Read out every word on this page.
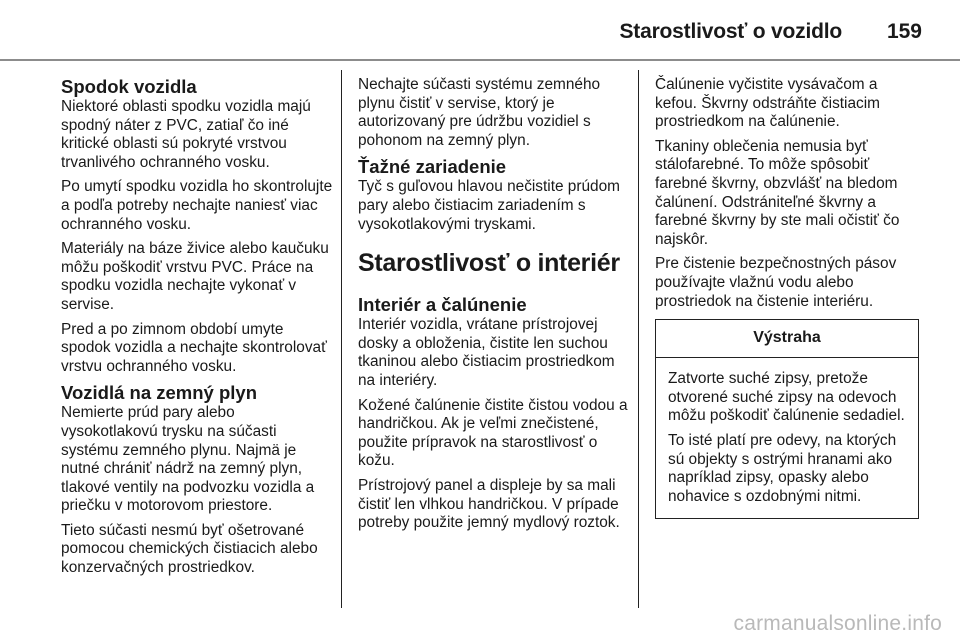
Starostlivosť o vozidlo 159
Spodok vozidla

Niektoré oblasti spodku vozidla majú spodný náter z PVC, zatiaľ čo iné kritické oblasti sú pokryté vrstvou trvanlivého ochranného vosku.

Po umytí spodku vozidla ho skontrolujte a podľa potreby nechajte naniesť viac ochranného vosku.

Materiály na báze živice alebo kaučuku môžu poškodiť vrstvu PVC. Práce na spodku vozidla nechajte vykonať v servise.

Pred a po zimnom období umyte spodok vozidla a nechajte skontrolovať vrstvu ochranného vosku.

Vozidlá na zemný plyn

Nemierte prúd pary alebo vysokotlakovú trysku na súčasti systému zemného plynu. Najmä je nutné chrániť nádrž na zemný plyn, tlakové ventily na podvozku vozidla a priečku v motorovom priestore.

Tieto súčasti nesmú byť ošetrované pomocou chemických čistiacich alebo konzervačných prostriedkov.

Nechajte súčasti systému zemného plynu čistiť v servise, ktorý je autorizovaný pre údržbu vozidiel s pohonom na zemný plyn.

Ťažné zariadenie

Tyč s guľovou hlavou nečistite prúdom pary alebo čistiacim zariadením s vysokotlakovými tryskami.

Starostlivosť o interiér
Interiér a čalúnenie

Interiér vozidla, vrátane prístrojovej dosky a obloženia, čistite len suchou tkaninou alebo čistiacim prostriedkom na interiéry.

Kožené čalúnenie čistite čistou vodou a handričkou. Ak je veľmi znečistené, použite prípravok na starostlivosť o kožu.

Prístrojový panel a displeje by sa mali čistiť len vlhkou handričkou. V prípade potreby použite jemný mydlový roztok.

Čalúnenie vyčistite vysávačom a kefou. Škvrny odstráňte čistiacim prostriedkom na čalúnenie.

Tkaniny oblečenia nemusia byť stálofarebné. To môže spôsobiť farebné škvrny, obzvlášť na bledom čalúnení. Odstrániteľné škvrny a farebné škvrny by ste mali očistiť čo najskôr.

Pre čistenie bezpečnostných pásov používajte vlažnú vodu alebo prostriedok na čistenie interiéru.

Výstraha

Zatvorte suché zipsy, pretože otvorené suché zipsy na odevoch môžu poškodiť čalúnenie sedadiel.

To isté platí pre odevy, na ktorých sú objekty s ostrými hranami ako napríklad zipsy, opasky alebo nohavice s ozdobnými nitmi.

carmanualsonline.info
